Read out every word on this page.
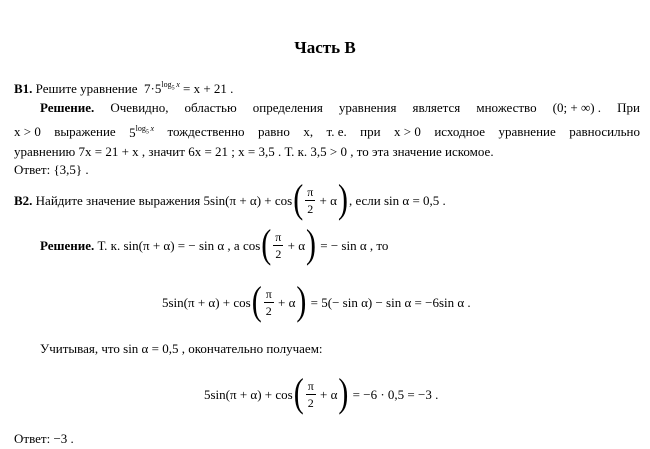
Часть В
В1. Решите уравнение $7\cdot 5^{log_5 x} = x + 21$ .
Решение. Очевидно, областью определения уравнения является множество (0; + ∞) . При
x > 0 выражение $5^{log_5 x}$ тождественно равно x, т. е. при x > 0 исходное уравнение равносильно
уравнению 7x = 21 + x , значит 6x = 21 ; x = 3,5 . Т. к. 3,5 > 0 , то эта значение искомое.
Ответ: {3,5} .
В2.
Найдите значение выражения 5sin(π + α) + cos ( $\frac{\pi}{2}$
+ α ) , если sin α = 0,5 .
Решение.
Т. к. sin(π + α) = − sin α , а cos ( $\frac{\pi}{2}$
+ α )
= − sin α , то
5sin(π + α) + cos ( $\frac{\pi}{2}$
+ α )
= 5(− sin α) − sin α = −6sin α .
Учитывая, что sin α = 0,5 , окончательно получаем:
5sin(π + α) + cos ( $\frac{\pi}{2}$
+ α )
= −6 · 0,5 = −3 .
Ответ: −3 .
